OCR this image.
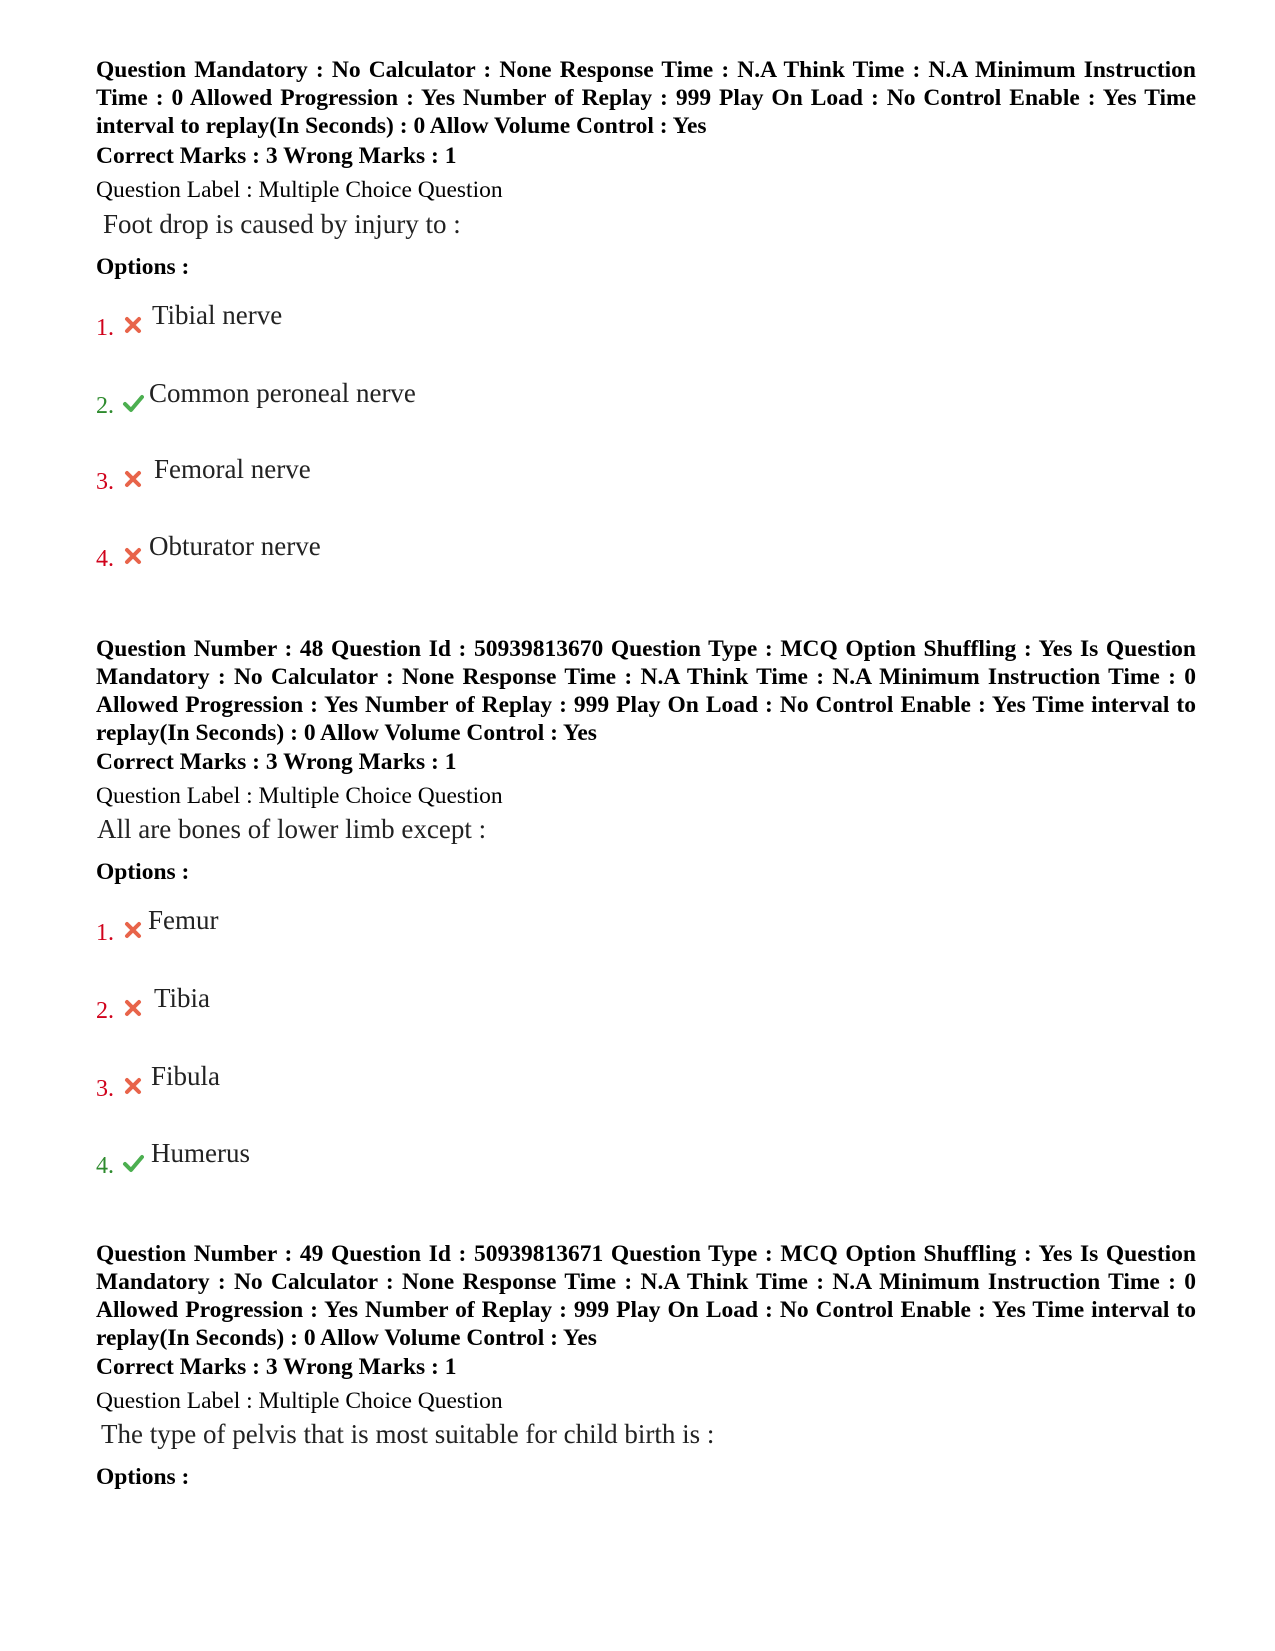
Question Mandatory : No Calculator : None Response Time : N.A Think Time : N.A Minimum Instruction Time : 0 Allowed Progression : Yes Number of Replay : 999 Play On Load : No Control Enable : Yes Time interval to replay(In Seconds) : 0 Allow Volume Control : Yes

Correct Marks : 3 Wrong Marks : 1

Question Label : Multiple Choice Question

Foot drop is caused by injury to :

Options :

1. Tibial nerve
2. Common peroneal nerve
3. Femoral nerve
4. Obturator nerve

Question Number : 48 Question Id : 50939813670 Question Type : MCQ Option Shuffling : Yes Is Question Mandatory : No Calculator : None Response Time : N.A Think Time : N.A Minimum Instruction Time : 0 Allowed Progression : Yes Number of Replay : 999 Play On Load : No Control Enable : Yes Time interval to replay(In Seconds) : 0 Allow Volume Control : Yes

Correct Marks : 3 Wrong Marks : 1

Question Label : Multiple Choice Question

All are bones of lower limb except :

Options :

1. Femur
2. Tibia
3. Fibula
4. Humerus

Question Number : 49 Question Id : 50939813671 Question Type : MCQ Option Shuffling : Yes Is Question Mandatory : No Calculator : None Response Time : N.A Think Time : N.A Minimum Instruction Time : 0 Allowed Progression : Yes Number of Replay : 999 Play On Load : No Control Enable : Yes Time interval to replay(In Seconds) : 0 Allow Volume Control : Yes

Correct Marks : 3 Wrong Marks : 1

Question Label : Multiple Choice Question

The type of pelvis that is most suitable for child birth is :

Options :
